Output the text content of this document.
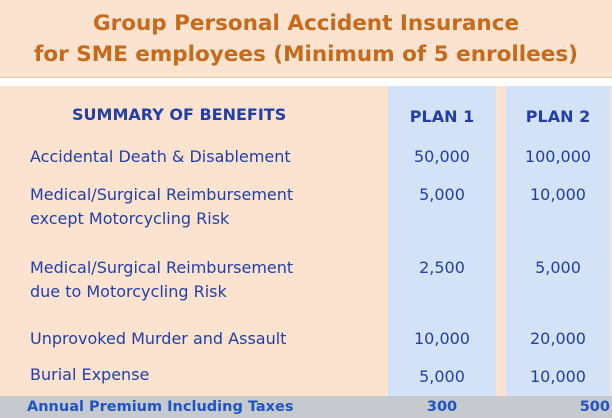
Group Personal Accident Insurance
for SME employees (Minimum of 5 enrollees)
SUMMARY OF BENEFITS	PLAN 1	PLAN 2
Accidental Death & Disablement	50,000	100,000
Medical/Surgical Reimbursement
except Motorcycling Risk
5,000	10,000
Medical/Surgical Reimbursement
due to Motorcycling Risk
2,500	5,000
Unprovoked Murder and Assault	10,000	20,000
Burial Expense	5,000	10,000
Annual Premium Including Taxes	300	500
